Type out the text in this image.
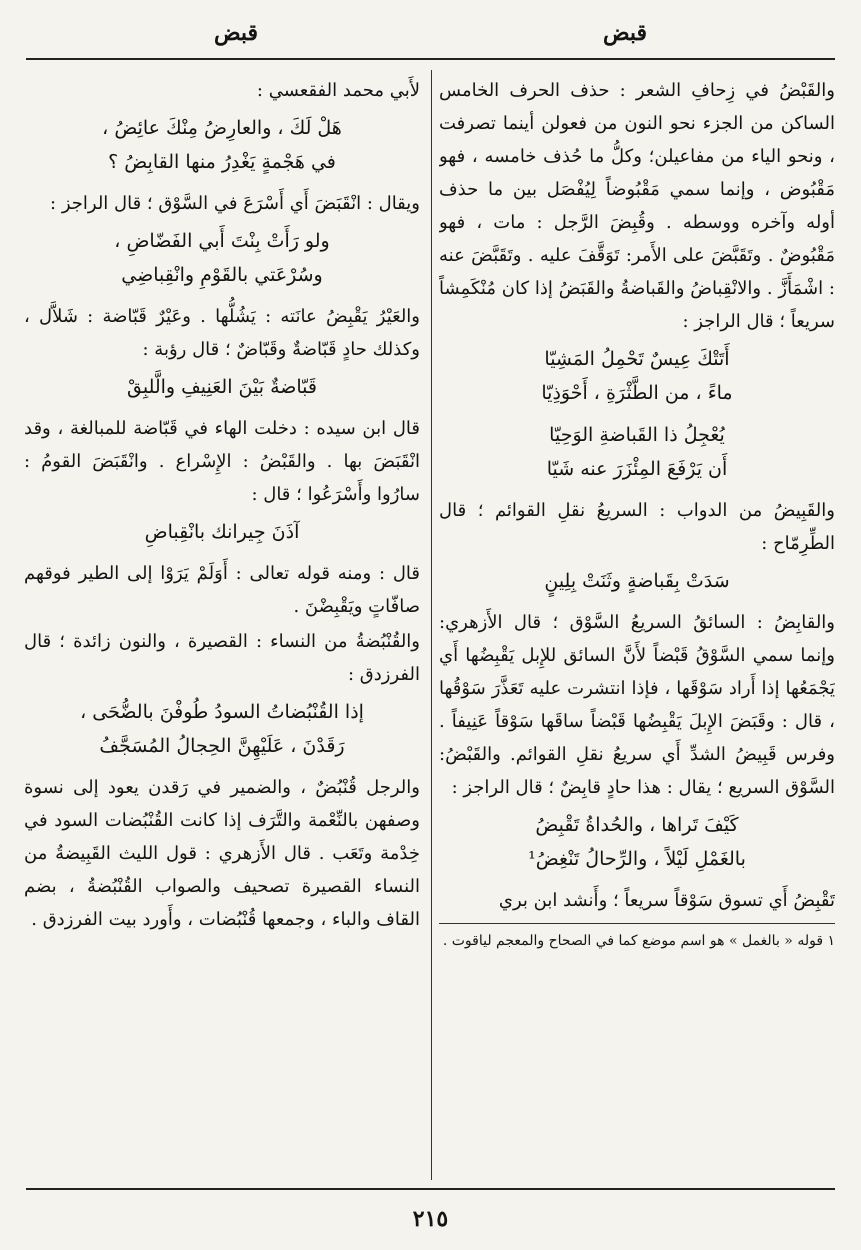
قبض
قبض

والقَبْضُ في زِحافِ الشعر : حذف الحرف الخامس الساكن من الجزء نحو النون من فعولن أينما تصرفت ، ونحو الياء من مفاعيلن؛ وكلُّ ما حُذف خامسه ، فهو مَقْبُوض ، وإنما سمي مَقْبُوضاً لِيُفْصَل بين ما حذف أوله وآخره ووسطه . وقُبِضَ الرَّجل : مات ، فهو مَقْبُوضٌ . وتَقَبَّضَ على الأَمر: تَوَقَّفَ عليه . وتَقَبَّضَ عنه : اشْمَأَزَّ . والانْقِباضُ والقَباضةُ والقَبَضُ إذا كان مُنْكَمِشاً سريعاً ؛ قال الراجز :

أَتَتْكَ عِيسٌ تَحْمِلُ المَشِيّا
ماءً ، من الطَّثْرَةِ ، أَحْوَذِيّا
يُعْجِلُ ذا القَباضةِ الوَحِيّا
أَن يَرْفَعَ المِئْزَرَ عنه شَيّا

والقَبِيضُ من الدواب : السريعُ نقلِ القوائم ؛ قال الطِّرِمّاح :

سَدَتْ بِقَباضةٍ وثَنَتْ بِلِينٍ

والقابِضُ : السائقُ السريعُ السَّوْق ؛ قال الأَزهري: وإنما سمي السَّوْقُ قَبْضاً لأَنَّ السائق للإِبل يَقْبِضُها أَي يَجْمَعُها إذا أَراد سَوْقَها ، فإذا انتشرت عليه تَعَذَّرَ سَوْقُها ، قال : وقَبَضَ الإِبلَ يَقْبِضُها قَبْضاً ساقَها سَوْقاً عَنِيفاً . وفرس قَبِيضُ الشدِّ أَي سريعُ نقلِ القوائم. والقَبْضُ: السَّوْق السريع ؛ يقال : هذا حادٍ قابِضٌ ؛ قال الراجز :

كَيْفَ تَراها ، والحُداةُ تَقْبِضُ
بالغَمْلِ لَيْلاً ، والرِّحالُ تَنْغِضُ¹

تَقْبِضُ أَي تسوق سَوْقاً سريعاً ؛ وأَنشد ابن بري

١ قوله « بالغمل » هو اسم موضع كما في الصحاح والمعجم لياقوت .

لأَبي محمد الفقعسي :

هَلْ لَكَ ، والعارِضُ مِنْكَ عائِضُ ،
في هَجْمةٍ يَغْدِرُ منها القابِضُ ؟

ويقال : انْقَبَضَ أَي أَسْرَعَ في السَّوْق ؛ قال الراجز :

ولو رَأَتْ بِنْتَ أَبي الفَضّاضِ ،
وسُرْعَتي بالقَوْمِ وانْقِباضِي

والعَيْرُ يَقْبِضُ عانَته : يَشُلُّها . وعَيْرٌ قَبّاضة : شَلاَّل ، وكذلك حادٍ قَبّاضةٌ وقَبّاضٌ ؛ قال رؤبة :

قَبّاضةٌ بَيْنَ العَنِيفِ والَّلبِقْ

قال ابن سيده : دخلت الهاء في قَبّاضة للمبالغة ، وقد انْقَبَضَ بها . والقَبْضُ : الإِسْراع . وانْقَبَضَ القومُ : سارُوا وأَسْرَعُوا ؛ قال :

آذَنَ جِيرانك بانْقِباضِ

قال : ومنه قوله تعالى : أَوَلَمْ يَرَوْا إلى الطير فوقهم صافّاتٍ ويَقْبِضْنَ .

والقُنْبُضةُ من النساء : القصيرة ، والنون زائدة ؛ قال الفرزدق :

إذا القُنْبُضاتُ السودُ طُوفْنَ بالضُّحَى ،
رَقَدْنَ ، عَلَيْهِنَّ الحِجالُ المُسَجَّفُ

والرجل قُنْبُضٌ ، والضمير في رَقدن يعود إلى نسوة وصفهن بالنِّعْمة والتَّرَف إذا كانت القُنْبُضات السود في خِدْمة وتَعَب . قال الأَزهري : قول الليث القَبِيضةُ من النساء القصيرة تصحيف والصواب القُنْبُضةُ ، بضم القاف والباء ، وجمعها قُنْبُضات ، وأَورد بيت الفرزدق .

٢١٥
